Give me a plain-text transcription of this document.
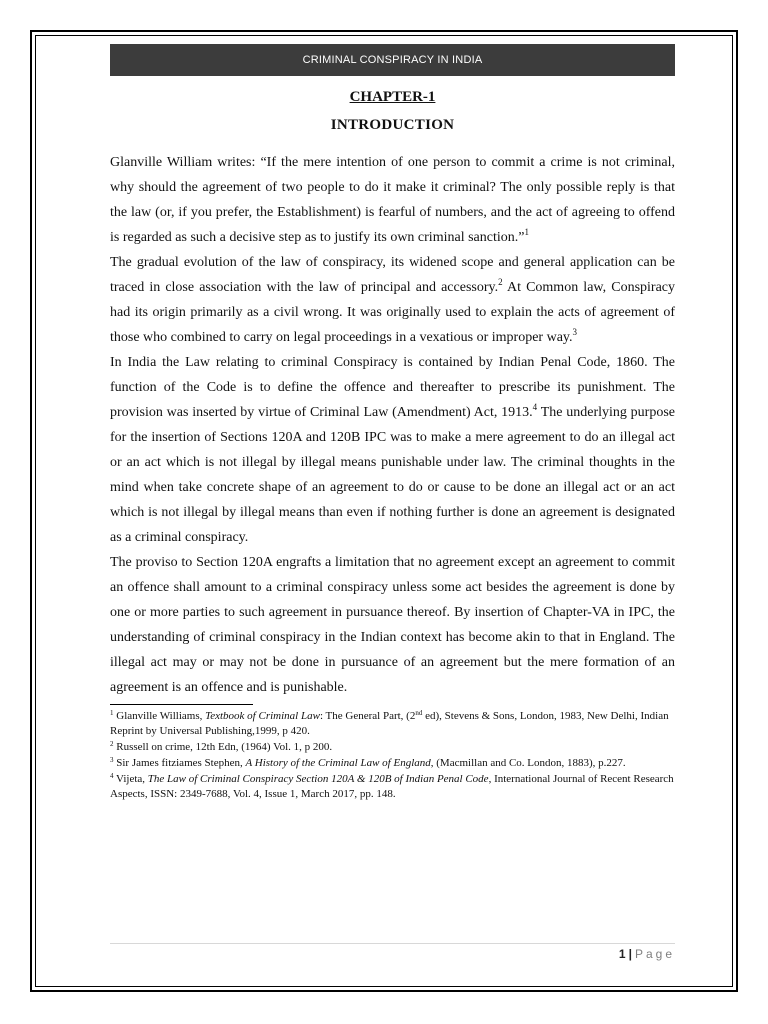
CRIMINAL CONSPIRACY IN INDIA
CHAPTER-1
INTRODUCTION

Glanville William writes: “If the mere intention of one person to commit a crime is not criminal, why should the agreement of two people to do it make it criminal? The only possible reply is that the law (or, if you prefer, the Establishment) is fearful of numbers, and the act of agreeing to offend is regarded as such a decisive step as to justify its own criminal sanction.”$^1$

The gradual evolution of the law of conspiracy, its widened scope and general application can be traced in close association with the law of principal and accessory.$^2$ At Common law, Conspiracy had its origin primarily as a civil wrong. It was originally used to explain the acts of agreement of those who combined to carry on legal proceedings in a vexatious or improper way.$^3$

In India the Law relating to criminal Conspiracy is contained by Indian Penal Code, 1860. The function of the Code is to define the offence and thereafter to prescribe its punishment. The provision was inserted by virtue of Criminal Law (Amendment) Act, 1913.$^4$ The underlying purpose for the insertion of Sections 120A and 120B IPC was to make a mere agreement to do an illegal act or an act which is not illegal by illegal means punishable under law. The criminal thoughts in the mind when take concrete shape of an agreement to do or cause to be done an illegal act or an act which is not illegal by illegal means than even if nothing further is done an agreement is designated as a criminal conspiracy.

The proviso to Section 120A engrafts a limitation that no agreement except an agreement to commit an offence shall amount to a criminal conspiracy unless some act besides the agreement is done by one or more parties to such agreement in pursuance thereof. By insertion of Chapter-VA in IPC, the understanding of criminal conspiracy in the Indian context has become akin to that in England. The illegal act may or may not be done in pursuance of an agreement but the mere formation of an agreement is an offence and is punishable.

$^1$ Glanville Williams, Textbook of Criminal Law: The General Part, (2nd ed), Stevens & Sons, London, 1983, New Delhi, Indian Reprint by Universal Publishing,1999, p 420.

$^2$ Russell on crime, 12th Edn, (1964) Vol. 1, p 200.

$^3$ Sir James fitziames Stephen, A History of the Criminal Law of England, (Macmillan and Co. London, 1883), p.227.

$^4$ Vijeta, The Law of Criminal Conspiracy Section 120A & 120B of Indian Penal Code, International Journal of Recent Research Aspects, ISSN: 2349-7688, Vol. 4, Issue 1, March 2017, pp. 148.

1 | Page
